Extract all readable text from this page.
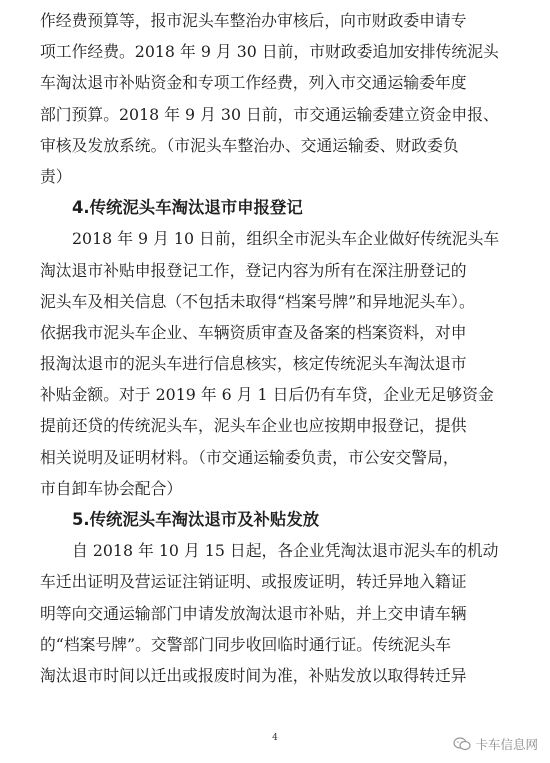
作经费预算等，报市泥头车整治办审核后，向市财政委申请专
项工作经费。2018 年 9 月 30 日前，市财政委追加安排传统泥头
车淘汰退市补贴资金和专项工作经费，列入市交通运输委年度
部门预算。2018 年 9 月 30 日前，市交通运输委建立资金申报、
审核及发放系统。（市泥头车整治办、交通运输委、财政委负
责）
4.传统泥头车淘汰退市申报登记
2018 年 9 月 10 日前，组织全市泥头车企业做好传统泥头车
淘汰退市补贴申报登记工作，登记内容为所有在深注册登记的
泥头车及相关信息（不包括未取得“档案号牌”和异地泥头车）。
依据我市泥头车企业、车辆资质审查及备案的档案资料，对申
报淘汰退市的泥头车进行信息核实，核定传统泥头车淘汰退市
补贴金额。对于 2019 年 6 月 1 日后仍有车贷，企业无足够资金
提前还贷的传统泥头车，泥头车企业也应按期申报登记，提供
相关说明及证明材料。（市交通运输委负责，市公安交警局，
市自卸车协会配合）
5.传统泥头车淘汰退市及补贴发放
自 2018 年 10 月 15 日起，各企业凭淘汰退市泥头车的机动
车迁出证明及营运证注销证明、或报废证明，转迁异地入籍证
明等向交通运输部门申请发放淘汰退市补贴，并上交申请车辆
的“档案号牌”。交警部门同步收回临时通行证。传统泥头车
淘汰退市时间以迁出或报废时间为准，补贴发放以取得转迁异
4	卡车信息网
